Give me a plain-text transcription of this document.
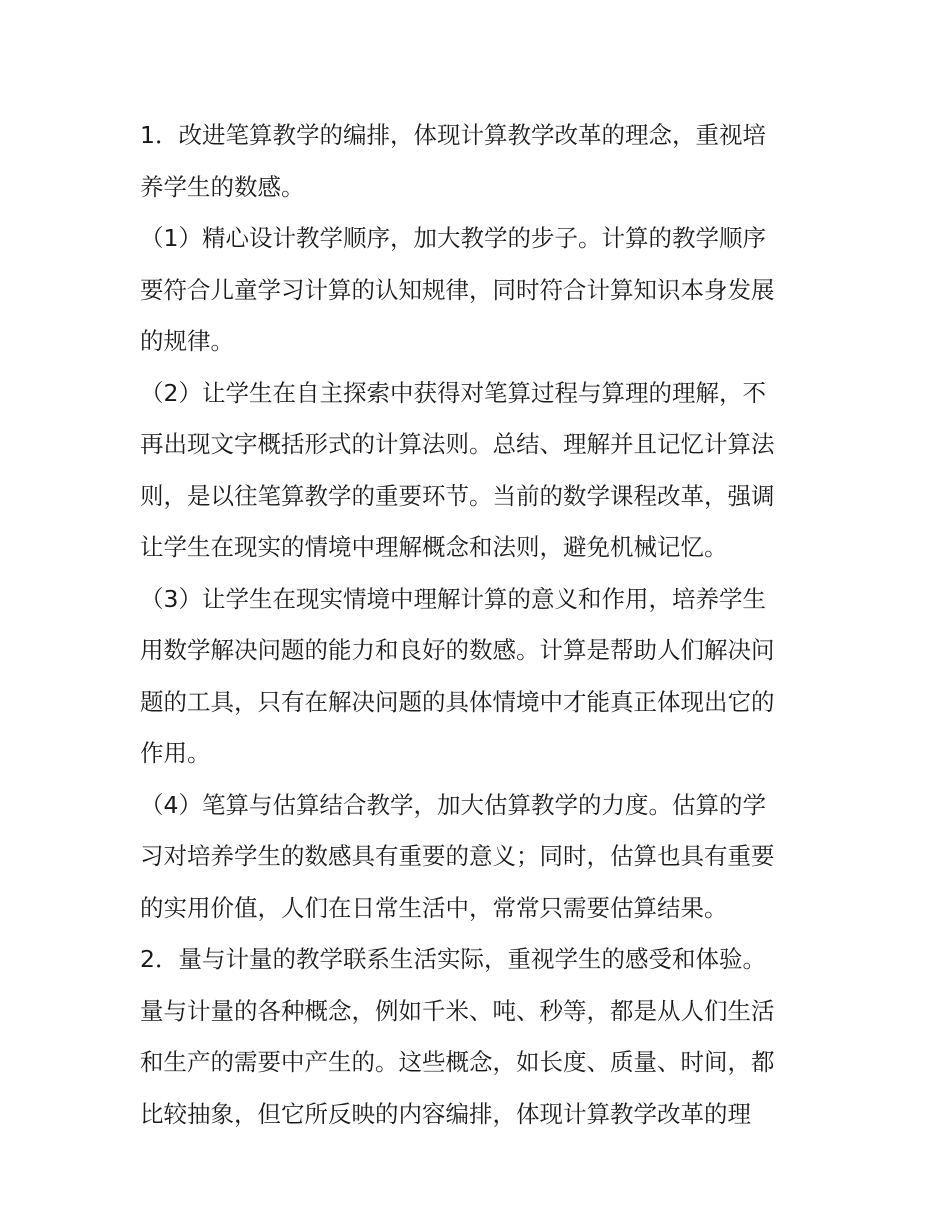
1．改进笔算教学的编排，体现计算教学改革的理念，重视培
养学生的数感。

（1）精心设计教学顺序，加大教学的步子。计算的教学顺序
要符合儿童学习计算的认知规律，同时符合计算知识本身发展
的规律。

（2）让学生在自主探索中获得对笔算过程与算理的理解，不
再出现文字概括形式的计算法则。总结、理解并且记忆计算法
则，是以往笔算教学的重要环节。当前的数学课程改革，强调
让学生在现实的情境中理解概念和法则，避免机械记忆。

（3）让学生在现实情境中理解计算的意义和作用，培养学生
用数学解决问题的能力和良好的数感。计算是帮助人们解决问
题的工具，只有在解决问题的具体情境中才能真正体现出它的
作用。

（4）笔算与估算结合教学，加大估算教学的力度。估算的学
习对培养学生的数感具有重要的意义；同时，估算也具有重要
的实用价值，人们在日常生活中，常常只需要估算结果。

2．量与计量的教学联系生活实际，重视学生的感受和体验。
量与计量的各种概念，例如千米、吨、秒等，都是从人们生活
和生产的需要中产生的。这些概念，如长度、质量、时间，都
比较抽象，但它所反映的内容编排，体现计算教学改革的理
